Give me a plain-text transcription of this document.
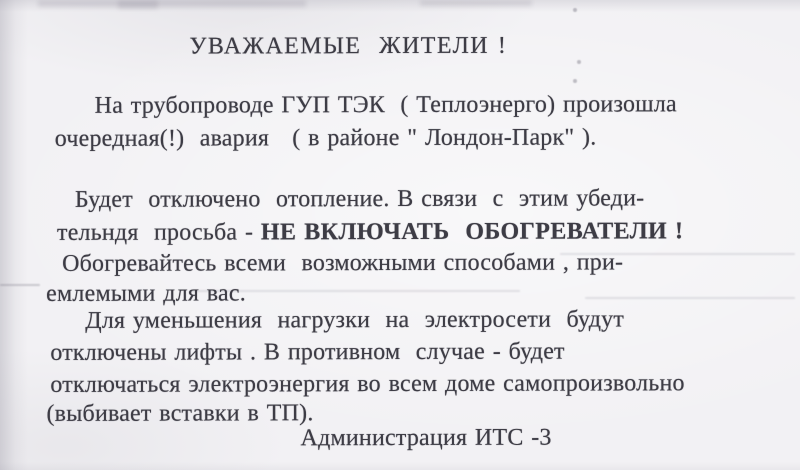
УВАЖАЕМЫЕ  ЖИТЕЛИ !
На трубопроводе ГУП ТЭК  ( Теплоэнерго) произошла
очередная(!)  авария   ( в районе " Лондон-Парк" ).
Будет  отключено  отопление. В связи  с  этим убеди-
тельндя  просьба - НЕ ВКЛЮЧАТЬ  ОБОГРЕВАТЕЛИ !
Обогревайтесь всеми  возможными способами , при-
емлемыми для вас.
Для уменьшения  нагрузки  на  электросети  будут
отключены лифты . В противном  случае - будет
отключаться электроэнергия во всем доме самопроизвольно
(выбивает вставки в ТП).
Администрация ИТС -3
